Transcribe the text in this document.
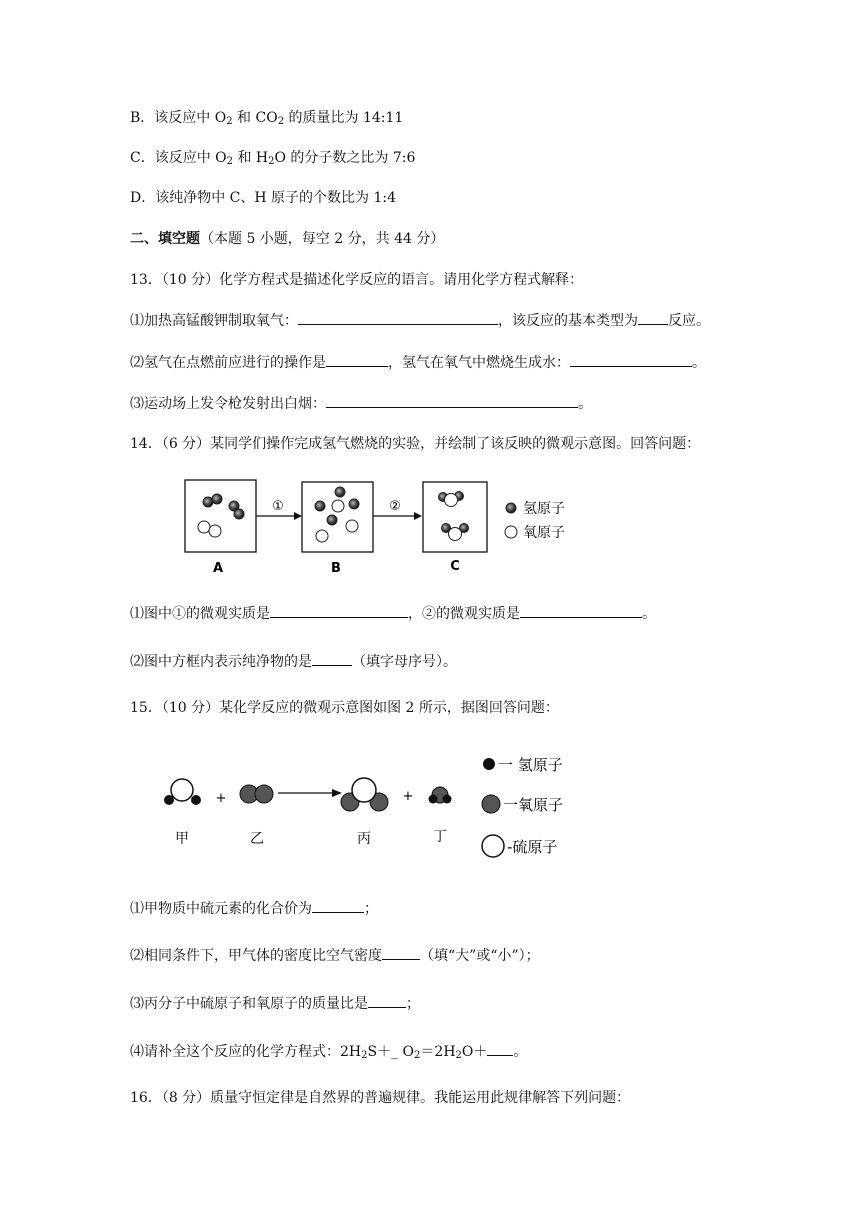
B．该反应中 $O_2$ 和 $CO_2$ 的质量比为 14:11
C．该反应中 $O_2$ 和 $H_2O$ 的分子数之比为 7:6
D．该纯净物中 C、H 原子的个数比为 1:4
二、填空题（本题 5 小题，每空 2 分，共 44 分）
13．（10 分）化学方程式是描述化学反应的语言。请用化学方程式解释：
⑴加热高锰酸钾制取氧气：	，该反应的基本类型为 反应。
⑵氢气在点燃前应进行的操作是	，氢气在氧气中燃烧生成水：	。
⑶运动场上发令枪发射出白烟：	。
14．（6 分）某同学们操作完成氢气燃烧的实验，并绘制了该反映的微观示意图。回答问题：
A
①
B
②
C
氢原子
氧原子
⑴图中①的微观实质是	，②的微观实质是	。
⑵图中方框内表示纯净物的是	（填字母序号）。
15．（10 分）某化学反应的微观示意图如图 2 所示，据图回答问题：
+	+
甲	乙	丙	丁
一 氢原子
一氧原子
-硫原子
⑴甲物质中硫元素的化合价为	；
⑵相同条件下，甲气体的密度比空气密度	（填“大”或“小”）；
⑶丙分子中硫原子和氧原子的质量比是	；
⑷请补全这个反应的化学方程式：$2H_2S+\_$ $O_2=2H_2O+$ 。
16．（8 分）质量守恒定律是自然界的普遍规律。我能运用此规律解答下列问题：
